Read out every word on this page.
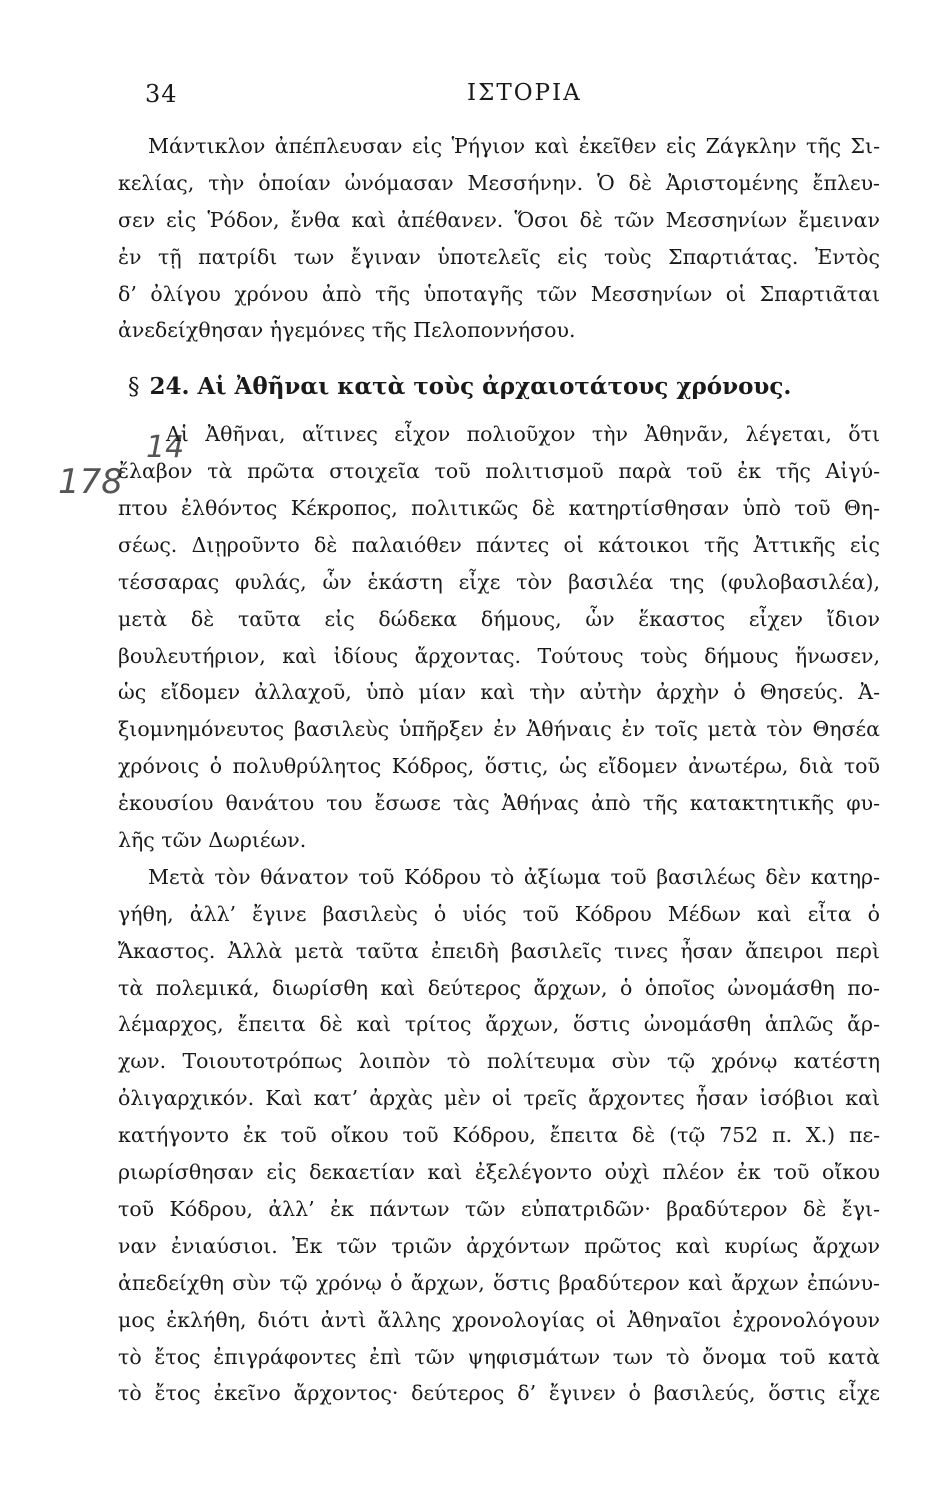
34	ΙΣΤΟΡΙΑ
178
14
Μάντικλον ἀπέπλευσαν εἰς Ῥήγιον καὶ ἐκεῖθεν εἰς Ζάγκλην τῆς Σι-
κελίας, τὴν ὁποίαν ὠνόμασαν Μεσσήνην. Ὁ δὲ Ἀριστομένης ἔπλευ-
σεν εἰς Ῥόδον, ἔνθα καὶ ἀπέθανεν. Ὅσοι δὲ τῶν Μεσσηνίων ἔμειναν
ἐν τῇ πατρίδι των ἔγιναν ὑποτελεῖς εἰς τοὺς Σπαρτιάτας. Ἐντὸς
δ’ ὀλίγου χρόνου ἀπὸ τῆς ὑποταγῆς τῶν Μεσσηνίων οἱ Σπαρτιᾶται
ἀνεδείχθησαν ἡγεμόνες τῆς Πελοποννήσου.
§ 24. Αἱ Ἀθῆναι κατὰ τοὺς ἀρχαιοτάτους χρόνους.
Αἱ Ἀθῆναι, αἵτινες εἶχον πολιοῦχον τὴν Ἀθηνᾶν, λέγεται, ὅτι
ἔλαβον τὰ πρῶτα στοιχεῖα τοῦ πολιτισμοῦ παρὰ τοῦ ἐκ τῆς Αἰγύ-
πτου ἐλθόντος Κέκροπος, πολιτικῶς δὲ κατηρτίσθησαν ὑπὸ τοῦ Θη-
σέως. Διῃροῦντο δὲ παλαιόθεν πάντες οἱ κάτοικοι τῆς Ἀττικῆς εἰς
τέσσαρας φυλάς, ὧν ἑκάστη εἶχε τὸν βασιλέα της (φυλοβασιλέα),
μετὰ δὲ ταῦτα εἰς δώδεκα δήμους, ὧν ἕκαστος εἶχεν ἴδιον
βουλευτήριον, καὶ ἰδίους ἄρχοντας. Τούτους τοὺς δήμους ἥνωσεν,
ὡς εἴδομεν ἀλλαχοῦ, ὑπὸ μίαν καὶ τὴν αὐτὴν ἀρχὴν ὁ Θησεύς. Ἀ-
ξιομνημόνευτος βασιλεὺς ὑπῆρξεν ἐν Ἀθήναις ἐν τοῖς μετὰ τὸν Θησέα
χρόνοις ὁ πολυθρύλητος Κόδρος, ὅστις, ὡς εἴδομεν ἀνωτέρω, διὰ τοῦ
ἑκουσίου θανάτου του ἔσωσε τὰς Ἀθήνας ἀπὸ τῆς κατακτητικῆς φυ-
λῆς τῶν Δωριέων.
Μετὰ τὸν θάνατον τοῦ Κόδρου τὸ ἀξίωμα τοῦ βασιλέως δὲν κατηρ-
γήθη, ἀλλ’ ἔγινε βασιλεὺς ὁ υἱός τοῦ Κόδρου Μέδων καὶ εἶτα ὁ
Ἄκαστος. Ἀλλὰ μετὰ ταῦτα ἐπειδὴ βασιλεῖς τινες ἦσαν ἄπειροι περὶ
τὰ πολεμικά, διωρίσθη καὶ δεύτερος ἄρχων, ὁ ὁποῖος ὠνομάσθη πο-
λέμαρχος, ἔπειτα δὲ καὶ τρίτος ἄρχων, ὅστις ὠνομάσθη ἁπλῶς ἄρ-
χων. Τοιουτοτρόπως λοιπὸν τὸ πολίτευμα σὺν τῷ χρόνῳ κατέστη
ὀλιγαρχικόν. Καὶ κατ’ ἀρχὰς μὲν οἱ τρεῖς ἄρχοντες ἦσαν ἰσόβιοι καὶ
κατήγοντο ἐκ τοῦ οἴκου τοῦ Κόδρου, ἔπειτα δὲ (τῷ 752 π. Χ.) πε-
ριωρίσθησαν εἰς δεκαετίαν καὶ ἐξελέγοντο οὐχὶ πλέον ἐκ τοῦ οἴκου
τοῦ Κόδρου, ἀλλ’ ἐκ πάντων τῶν εὐπατριδῶν· βραδύτερον δὲ ἔγι-
ναν ἐνιαύσιοι. Ἐκ τῶν τριῶν ἀρχόντων πρῶτος καὶ κυρίως ἄρχων
ἀπεδείχθη σὺν τῷ χρόνῳ ὁ ἄρχων, ὅστις βραδύτερον καὶ ἄρχων ἐπώνυ-
μος ἐκλήθη, διότι ἀντὶ ἄλλης χρονολογίας οἱ Ἀθηναῖοι ἐχρονολόγουν
τὸ ἔτος ἐπιγράφοντες ἐπὶ τῶν ψηφισμάτων των τὸ ὄνομα τοῦ κατὰ
τὸ ἔτος ἐκεῖνο ἄρχοντος· δεύτερος δ’ ἔγινεν ὁ βασιλεύς, ὅστις εἶχε
